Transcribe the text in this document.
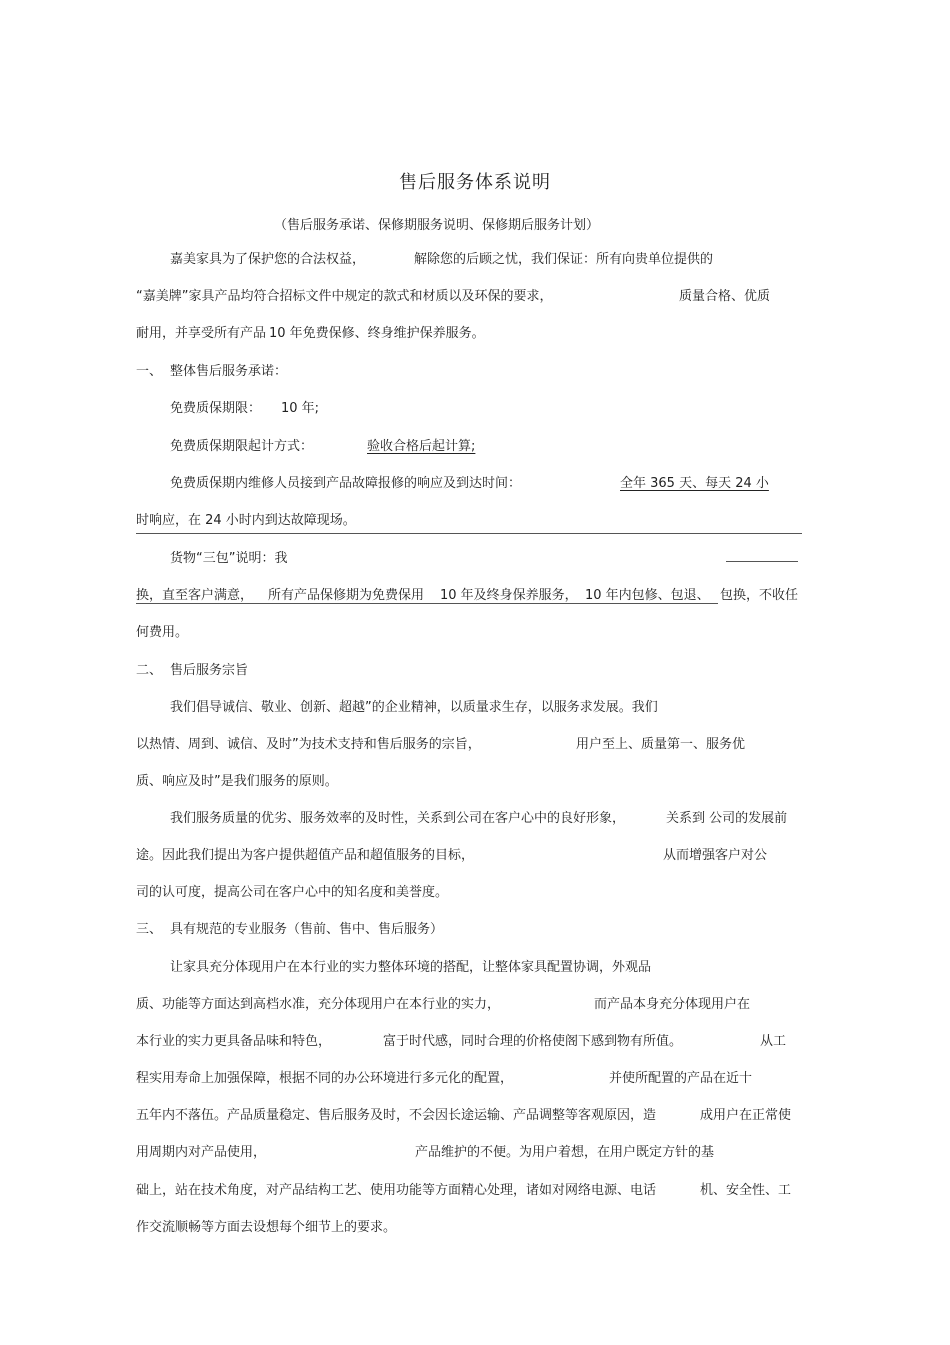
售后服务体系说明
（售后服务承诺、保修期服务说明、保修期后服务计划）
嘉美家具为了保护您的合法权益，	解除您的后顾之忧，我们保证：所有向贵单位提供的
“嘉美牌”家具产品均符合招标文件中规定的款式和材质以及环保的要求，	质量合格、优质
耐用，并享受所有产品 10 年免费保修、终身维护保养服务。
一、 整体售后服务承诺：
免费质保期限： 10 年;
免费质保期限起计方式：	验收合格后起计算;
免费质保期内维修人员接到产品故障报修的响应及到达时间：	全年 365 天、每天 24 小
时响应，在 24 小时内到达故障现场。
货物“三包”说明：我
换，直至客户满意， 所有产品保修期为免费保用 10 年及终身保养服务， 10 年内包修、包退、 包换，不收任
何费用。
二、 售后服务宗旨
我们倡导诚信、敬业、创新、超越”的企业精神，以质量求生存，以服务求发展。我们
以热情、周到、诚信、及时”为技术支持和售后服务的宗旨，	用户至上、质量第一、服务优
质、响应及时”是我们服务的原则。
我们服务质量的优劣、服务效率的及时性，关系到公司在客户心中的良好形象，	关系到 公司的发展前
途。因此我们提出为客户提供超值产品和超值服务的目标，	从而增强客户对公
司的认可度，提高公司在客户心中的知名度和美誉度。
三、 具有规范的专业服务（售前、售中、售后服务）
让家具充分体现用户在本行业的实力整体环境的搭配，让整体家具配置协调，外观品
质、功能等方面达到高档水准，充分体现用户在本行业的实力，	而产品本身充分体现用户在
本行业的实力更具备品味和特色，	富于时代感，同时合理的价格使阁下感到物有所值。	从工
程实用寿命上加强保障，根据不同的办公环境进行多元化的配置，	并使所配置的产品在近十
五年内不落伍。产品质量稳定、售后服务及时，不会因长途运输、产品调整等客观原因，造	成用户在正常使
用周期内对产品使用，	产品维护的不便。为用户着想，在用户既定方针的基
础上，站在技术角度，对产品结构工艺、使用功能等方面精心处理，诸如对网络电源、电话	机、安全性、工
作交流顺畅等方面去设想每个细节上的要求。
